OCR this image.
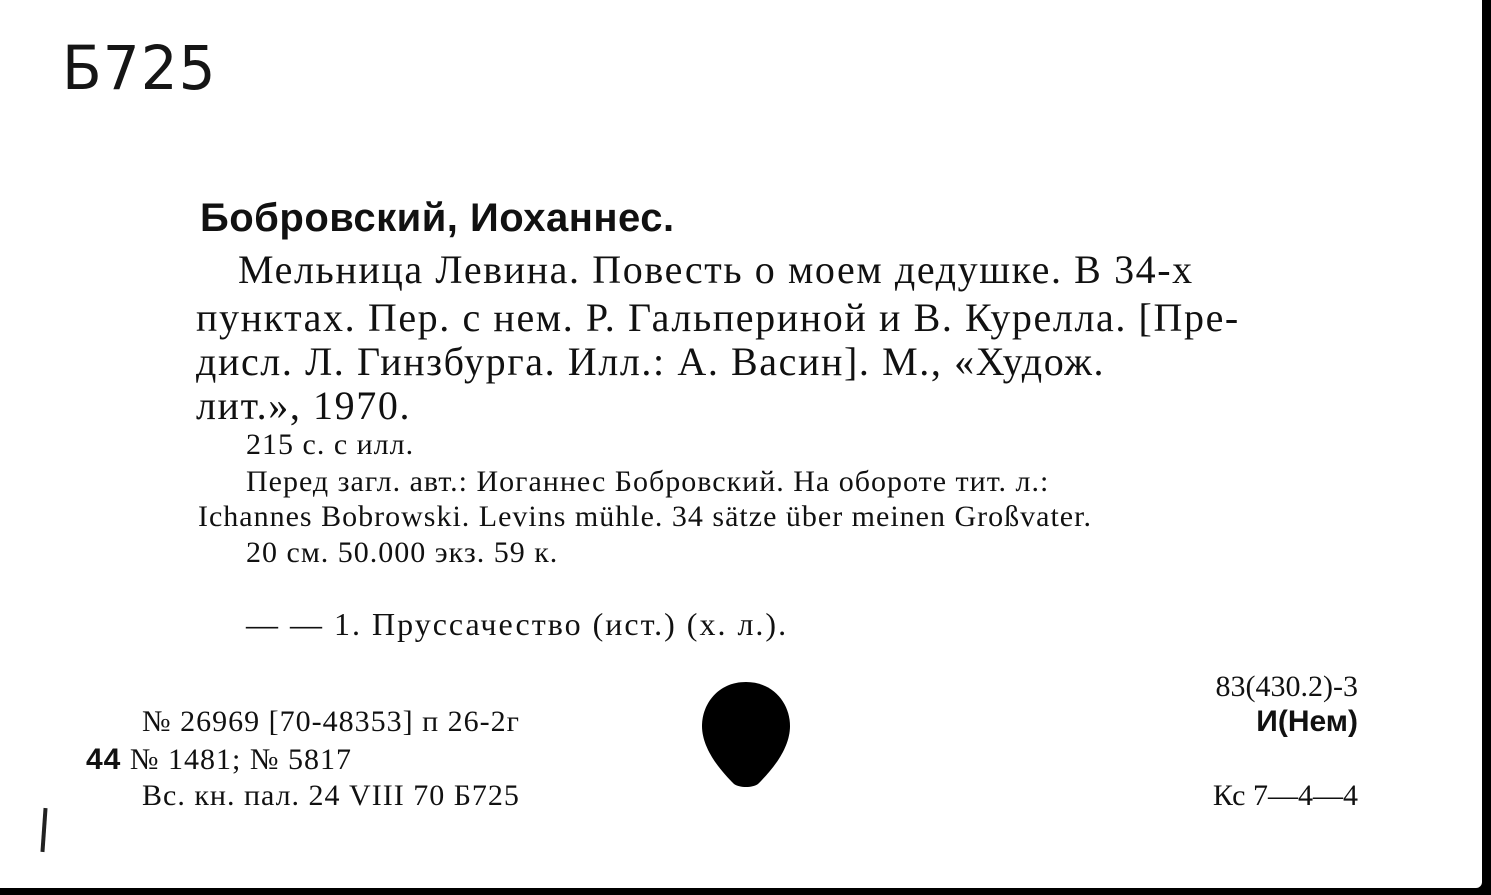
Б725
Бобровский, Иоханнес.
Мельница Левина. Повесть о моем дедушке. В 34-х
пунктах. Пер. с нем. Р. Гальпериной и В. Курелла. [Пре-
дисл. Л. Гинзбурга. Илл.: А. Васин]. М., «Худож.
лит.», 1970.
215 с. с илл.
Перед загл. авт.: Иоганнес Бобровский. На обороте тит. л.:
Ichannes Bobrowski. Levins mühle. 34 sätze über meinen Großvater.
20 см. 50.000 экз. 59 к.
— — 1. Пруссачество (ист.) (х. л.).
№ 26969 [70-48353] п 26-2г
44 № 1481; № 5817
Вс. кн. пал. 24 VIII 70 Б725
83(430.2)-3
И(Нем)
Кс 7—4—4
